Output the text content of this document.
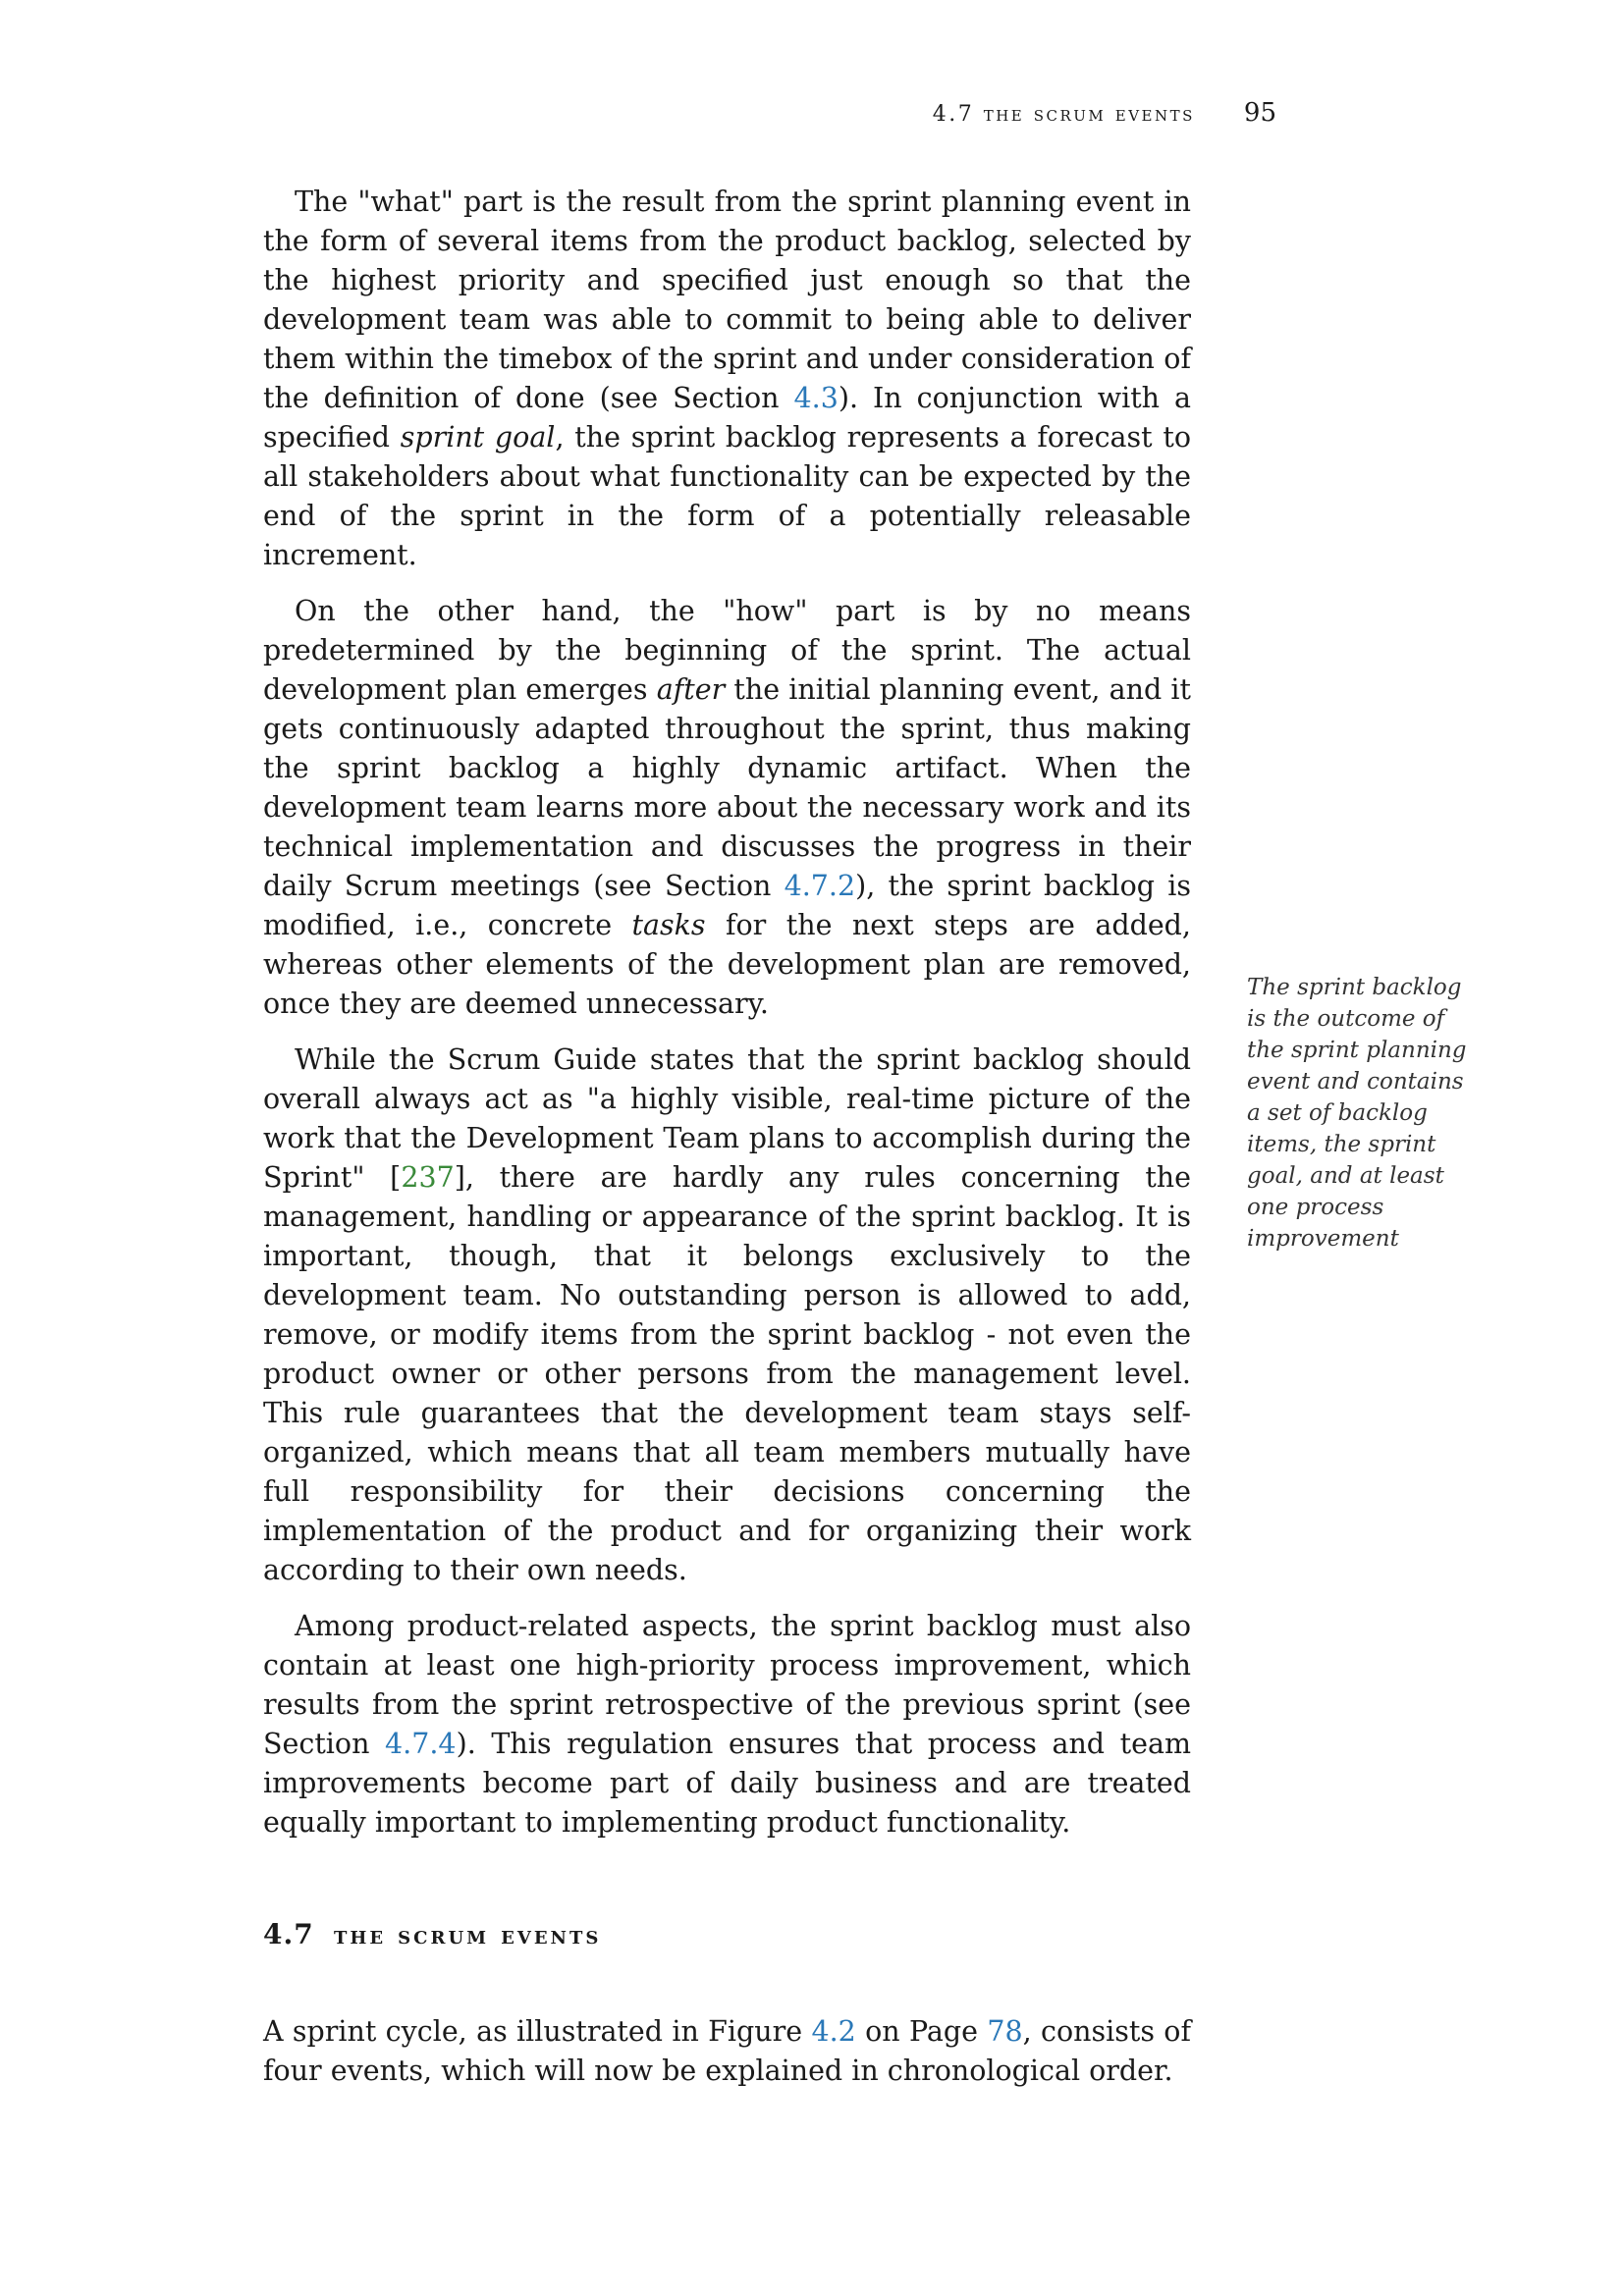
4.7 the scrum events 95

The "what" part is the result from the sprint planning event in the form of several items from the product backlog, selected by the highest priority and specified just enough so that the development team was able to commit to being able to deliver them within the timebox of the sprint and under consideration of the definition of done (see Section 4.3). In conjunction with a specified sprint goal, the sprint backlog represents a forecast to all stakeholders about what functionality can be expected by the end of the sprint in the form of a potentially releasable increment.

On the other hand, the "how" part is by no means predetermined by the beginning of the sprint. The actual development plan emerges after the initial planning event, and it gets continuously adapted throughout the sprint, thus making the sprint backlog a highly dynamic artifact. When the development team learns more about the necessary work and its technical implementation and discusses the progress in their daily Scrum meetings (see Section 4.7.2), the sprint backlog is modified, i.e., concrete tasks for the next steps are added, whereas other elements of the development plan are removed, once they are deemed unnecessary.

While the Scrum Guide states that the sprint backlog should overall always act as "a highly visible, real-time picture of the work that the Development Team plans to accomplish during the Sprint" [237], there are hardly any rules concerning the management, handling or appearance of the sprint backlog. It is important, though, that it belongs exclusively to the development team. No outstanding person is allowed to add, remove, or modify items from the sprint backlog - not even the product owner or other persons from the management level. This rule guarantees that the development team stays self-organized, which means that all team members mutually have full responsibility for their decisions concerning the implementation of the product and for organizing their work according to their own needs.

Among product-related aspects, the sprint backlog must also contain at least one high-priority process improvement, which results from the sprint retrospective of the previous sprint (see Section 4.7.4). This regulation ensures that process and team improvements become part of daily business and are treated equally important to implementing product functionality.

4.7 the scrum events

A sprint cycle, as illustrated in Figure 4.2 on Page 78, consists of four events, which will now be explained in chronological order.

The sprint backlog is the outcome of the sprint planning event and contains a set of backlog items, the sprint goal, and at least one process improvement
